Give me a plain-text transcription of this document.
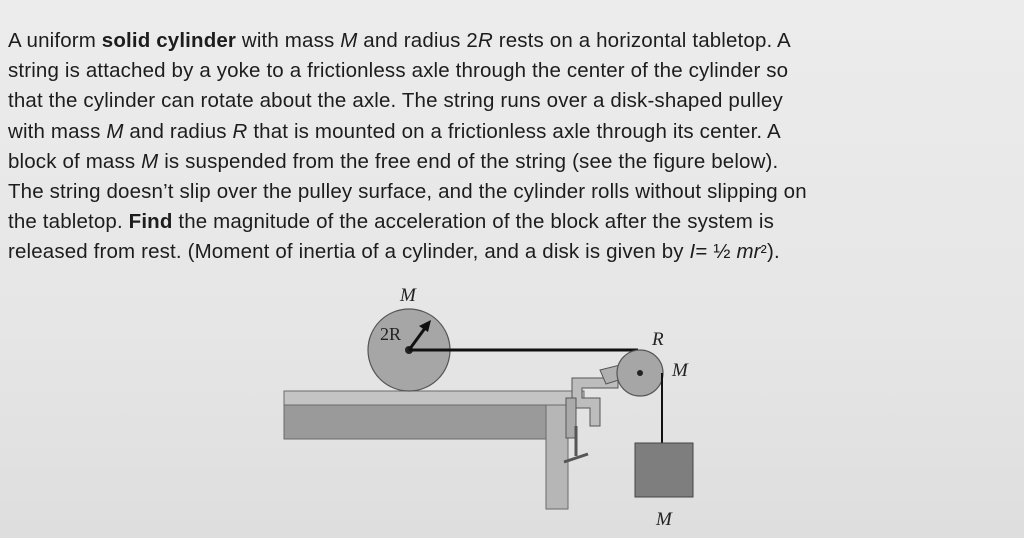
A uniform solid cylinder with mass M and radius 2R rests on a horizontal tabletop. A
string is attached by a yoke to a frictionless axle through the center of the cylinder so
that the cylinder can rotate about the axle. The string runs over a disk-shaped pulley
with mass M and radius R that is mounted on a frictionless axle through its center. A
block of mass M is suspended from the free end of the string (see the figure below).
The string doesn’t slip over the pulley surface, and the cylinder rolls without slipping on
the tabletop. Find the magnitude of the acceleration of the block after the system is
released from rest. (Moment of inertia of a cylinder, and a disk is given by I= ½ mr²).
M
2R	R
M
M
